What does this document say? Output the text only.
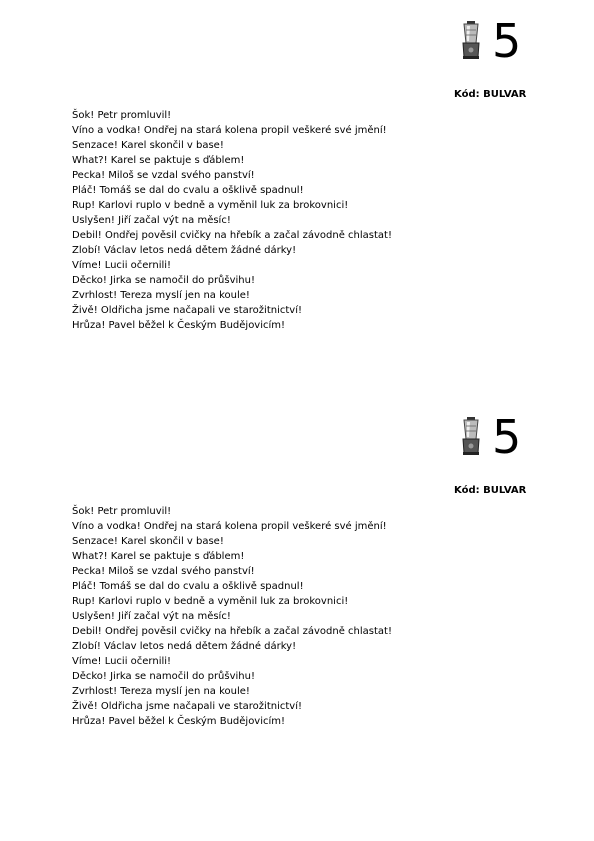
5
Kód: BULVAR
Šok! Petr promluvil!
Víno a vodka! Ondřej na stará kolena propil veškeré své jmění!
Senzace! Karel skončil v base!
What?! Karel se paktuje s ďáblem!
Pecka! Miloš se vzdal svého panství!
Pláč! Tomáš se dal do cvalu a ošklivě spadnul!
Rup! Karlovi ruplo v bedně a vyměnil luk za brokovnici!
Uslyšen! Jiří začal výt na měsíc!
Debil! Ondřej pověsil cvičky na hřebík a začal závodně chlastat!
Zlobí! Václav letos nedá dětem žádné dárky!
Víme! Lucii očernili!
Děcko! Jirka se namočil do průšvihu!
Zvrhlost! Tereza myslí jen na koule!
Živě! Oldřicha jsme načapali ve starožitnictví!
Hrůza! Pavel běžel k Českým Budějovicím!
5
Kód: BULVAR
Šok! Petr promluvil!
Víno a vodka! Ondřej na stará kolena propil veškeré své jmění!
Senzace! Karel skončil v base!
What?! Karel se paktuje s ďáblem!
Pecka! Miloš se vzdal svého panství!
Pláč! Tomáš se dal do cvalu a ošklivě spadnul!
Rup! Karlovi ruplo v bedně a vyměnil luk za brokovnici!
Uslyšen! Jiří začal výt na měsíc!
Debil! Ondřej pověsil cvičky na hřebík a začal závodně chlastat!
Zlobí! Václav letos nedá dětem žádné dárky!
Víme! Lucii očernili!
Děcko! Jirka se namočil do průšvihu!
Zvrhlost! Tereza myslí jen na koule!
Živě! Oldřicha jsme načapali ve starožitnictví!
Hrůza! Pavel běžel k Českým Budějovicím!
